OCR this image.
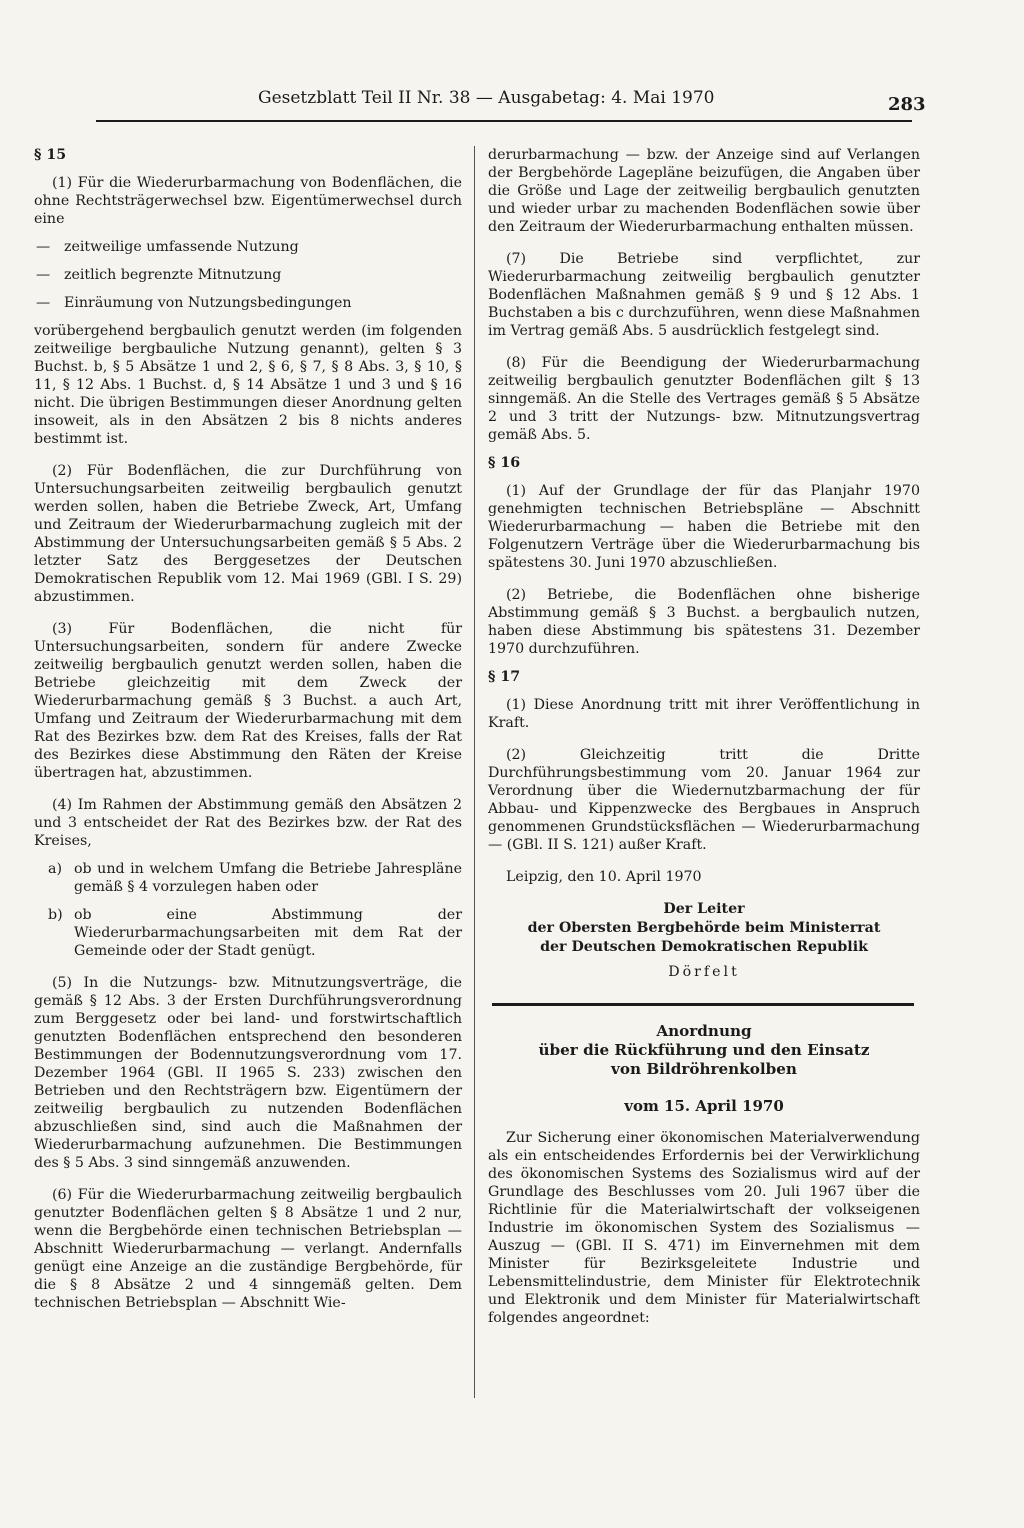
Gesetzblatt Teil II Nr. 38 — Ausgabetag: 4. Mai 1970	283

§ 15

(1) Für die Wiederurbarmachung von Bodenflächen, die ohne Rechtsträgerwechsel bzw. Eigentümerwechsel durch eine

— zeitweilige umfassende Nutzung
— zeitlich begrenzte Mitnutzung
— Einräumung von Nutzungsbedingungen

vorübergehend bergbaulich genutzt werden (im folgenden zeitweilige bergbauliche Nutzung genannt), gelten § 3 Buchst. b, § 5 Absätze 1 und 2, § 6, § 7, § 8 Abs. 3, § 10, § 11, § 12 Abs. 1 Buchst. d, § 14 Absätze 1 und 3 und § 16 nicht. Die übrigen Bestimmungen dieser Anordnung gelten insoweit, als in den Absätzen 2 bis 8 nichts anderes bestimmt ist.

(2) Für Bodenflächen, die zur Durchführung von Untersuchungsarbeiten zeitweilig bergbaulich genutzt werden sollen, haben die Betriebe Zweck, Art, Umfang und Zeitraum der Wiederurbarmachung zugleich mit der Abstimmung der Untersuchungsarbeiten gemäß § 5 Abs. 2 letzter Satz des Berggesetzes der Deutschen Demokratischen Republik vom 12. Mai 1969 (GBl. I S. 29) abzustimmen.

(3) Für Bodenflächen, die nicht für Untersuchungsarbeiten, sondern für andere Zwecke zeitweilig bergbaulich genutzt werden sollen, haben die Betriebe gleichzeitig mit dem Zweck der Wiederurbarmachung gemäß § 3 Buchst. a auch Art, Umfang und Zeitraum der Wiederurbarmachung mit dem Rat des Bezirkes bzw. dem Rat des Kreises, falls der Rat des Bezirkes diese Abstimmung den Räten der Kreise übertragen hat, abzustimmen.

(4) Im Rahmen der Abstimmung gemäß den Absätzen 2 und 3 entscheidet der Rat des Bezirkes bzw. der Rat des Kreises,

a) ob und in welchem Umfang die Betriebe Jahrespläne gemäß § 4 vorzulegen haben oder
b) ob eine Abstimmung der Wiederurbarmachungsarbeiten mit dem Rat der Gemeinde oder der Stadt genügt.

(5) In die Nutzungs- bzw. Mitnutzungsverträge, die gemäß § 12 Abs. 3 der Ersten Durchführungsverordnung zum Berggesetz oder bei land- und forstwirtschaftlich genutzten Bodenflächen entsprechend den besonderen Bestimmungen der Bodennutzungsverordnung vom 17. Dezember 1964 (GBl. II 1965 S. 233) zwischen den Betrieben und den Rechtsträgern bzw. Eigentümern der zeitweilig bergbaulich zu nutzenden Bodenflächen abzuschließen sind, sind auch die Maßnahmen der Wiederurbarmachung aufzunehmen. Die Bestimmungen des § 5 Abs. 3 sind sinngemäß anzuwenden.

(6) Für die Wiederurbarmachung zeitweilig bergbaulich genutzter Bodenflächen gelten § 8 Absätze 1 und 2 nur, wenn die Bergbehörde einen technischen Betriebsplan — Abschnitt Wiederurbarmachung — verlangt. Andernfalls genügt eine Anzeige an die zuständige Bergbehörde, für die § 8 Absätze 2 und 4 sinngemäß gelten. Dem technischen Betriebsplan — Abschnitt Wie-

derurbarmachung — bzw. der Anzeige sind auf Verlangen der Bergbehörde Lagepläne beizufügen, die Angaben über die Größe und Lage der zeitweilig bergbaulich genutzten und wieder urbar zu machenden Bodenflächen sowie über den Zeitraum der Wiederurbarmachung enthalten müssen.

(7) Die Betriebe sind verpflichtet, zur Wiederurbarmachung zeitweilig bergbaulich genutzter Bodenflächen Maßnahmen gemäß § 9 und § 12 Abs. 1 Buchstaben a bis c durchzuführen, wenn diese Maßnahmen im Vertrag gemäß Abs. 5 ausdrücklich festgelegt sind.

(8) Für die Beendigung der Wiederurbarmachung zeitweilig bergbaulich genutzter Bodenflächen gilt § 13 sinngemäß. An die Stelle des Vertrages gemäß § 5 Absätze 2 und 3 tritt der Nutzungs- bzw. Mitnutzungsvertrag gemäß Abs. 5.

§ 16

(1) Auf der Grundlage der für das Planjahr 1970 genehmigten technischen Betriebspläne — Abschnitt Wiederurbarmachung — haben die Betriebe mit den Folgenutzern Verträge über die Wiederurbarmachung bis spätestens 30. Juni 1970 abzuschließen.

(2) Betriebe, die Bodenflächen ohne bisherige Abstimmung gemäß § 3 Buchst. a bergbaulich nutzen, haben diese Abstimmung bis spätestens 31. Dezember 1970 durchzuführen.

§ 17

(1) Diese Anordnung tritt mit ihrer Veröffentlichung in Kraft.

(2) Gleichzeitig tritt die Dritte Durchführungsbestimmung vom 20. Januar 1964 zur Verordnung über die Wiedernutzbarmachung der für Abbau- und Kippenzwecke des Bergbaues in Anspruch genommenen Grundstücksflächen — Wiederurbarmachung — (GBl. II S. 121) außer Kraft.

Leipzig, den 10. April 1970

Der Leiter
der Obersten Bergbehörde beim Ministerrat
der Deutschen Demokratischen Republik
Dörfelt
Anordnung
über die Rückführung und den Einsatz
von Bildröhrenkolben
vom 15. April 1970

Zur Sicherung einer ökonomischen Materialverwendung als ein entscheidendes Erfordernis bei der Verwirklichung des ökonomischen Systems des Sozialismus wird auf der Grundlage des Beschlusses vom 20. Juli 1967 über die Richtlinie für die Materialwirtschaft der volkseigenen Industrie im ökonomischen System des Sozialismus — Auszug — (GBl. II S. 471) im Einvernehmen mit dem Minister für Bezirksgeleitete Industrie und Lebensmittelindustrie, dem Minister für Elektrotechnik und Elektronik und dem Minister für Materialwirtschaft folgendes angeordnet:
